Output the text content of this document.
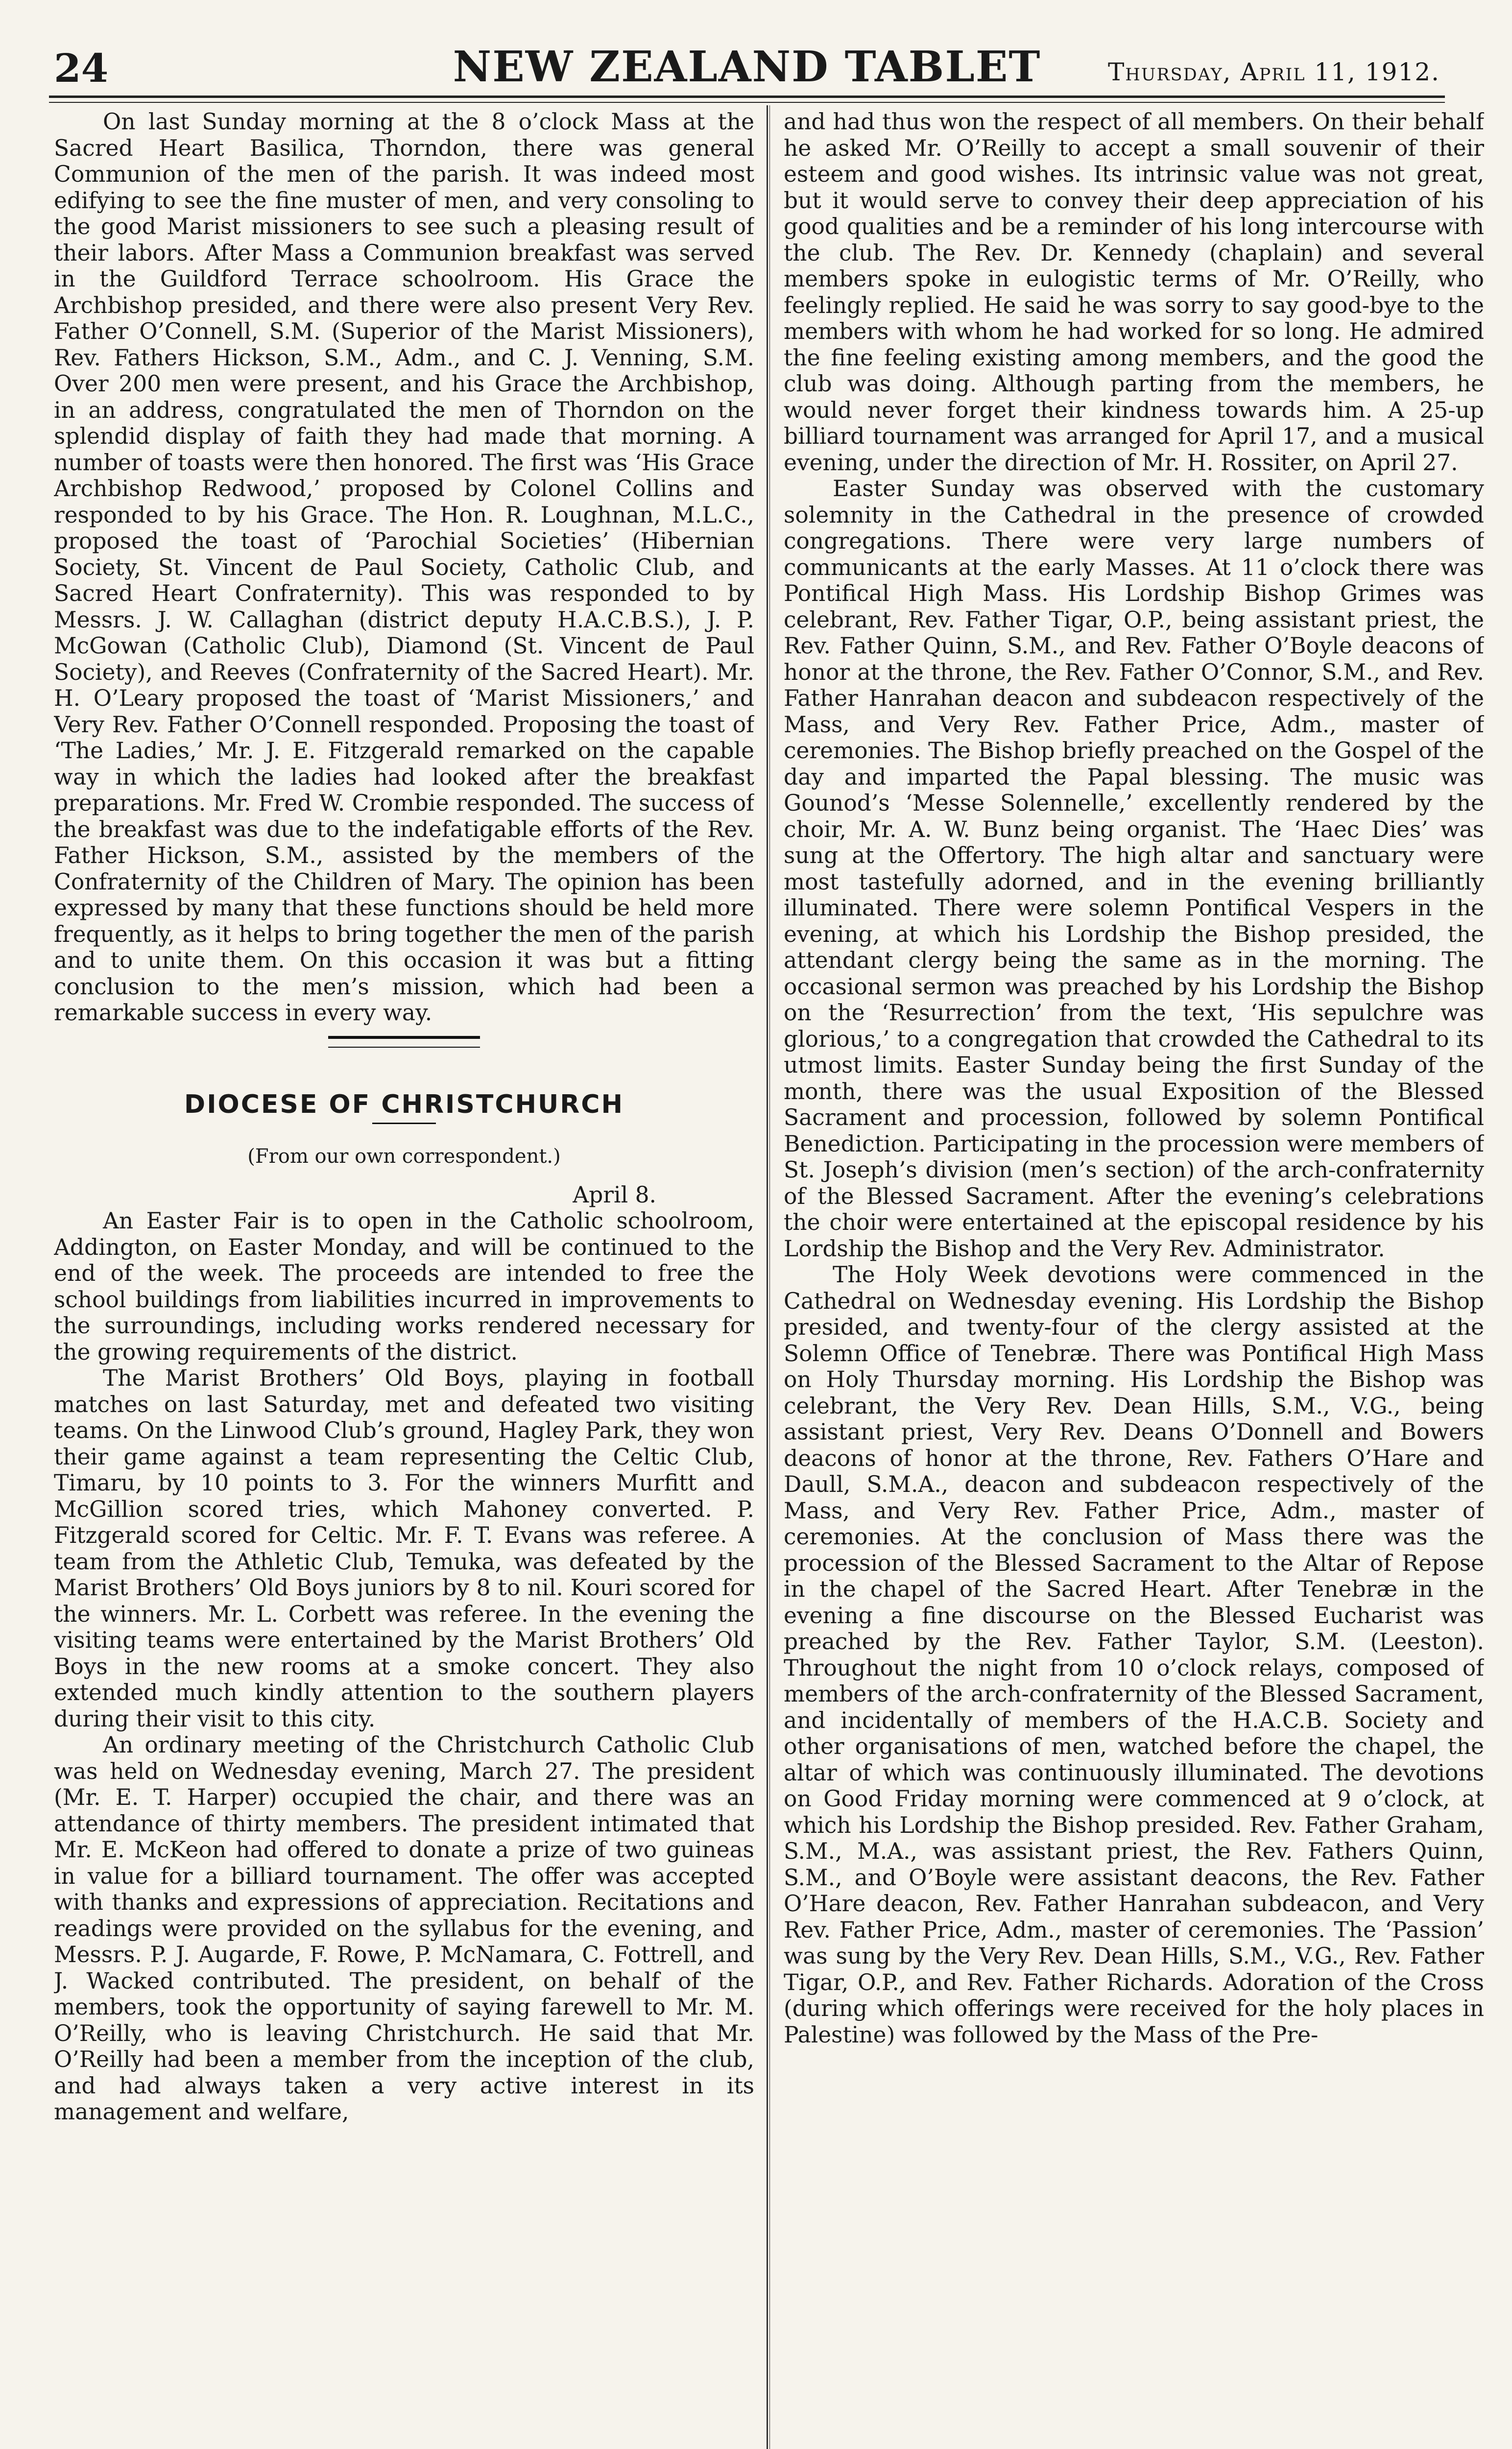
24	NEW ZEALAND TABLET	Thursday, April 11, 1912.

On last Sunday morning at the 8 o’clock Mass at the Sacred Heart Basilica, Thorndon, there was general Communion of the men of the parish. It was indeed most edifying to see the fine muster of men, and very consoling to the good Marist missioners to see such a pleasing result of their labors. After Mass a Communion breakfast was served in the Guildford Terrace schoolroom. His Grace the Archbishop presided, and there were also present Very Rev. Father O’Connell, S.M. (Superior of the Marist Missioners), Rev. Fathers Hickson, S.M., Adm., and C. J. Venning, S.M. Over 200 men were present, and his Grace the Archbishop, in an address, congratulated the men of Thorndon on the splendid display of faith they had made that morning. A number of toasts were then honored. The first was ‘His Grace Archbishop Redwood,’ proposed by Colonel Collins and responded to by his Grace. The Hon. R. Loughnan, M.L.C., proposed the toast of ‘Parochial Societies’ (Hibernian Society, St. Vincent de Paul Society, Catholic Club, and Sacred Heart Confraternity). This was responded to by Messrs. J. W. Callaghan (district deputy H.A.C.B.S.), J. P. McGowan (Catholic Club), Diamond (St. Vincent de Paul Society), and Reeves (Confraternity of the Sacred Heart). Mr. H. O’Leary proposed the toast of ‘Marist Missioners,’ and Very Rev. Father O’Connell responded. Proposing the toast of ‘The Ladies,’ Mr. J. E. Fitzgerald remarked on the capable way in which the ladies had looked after the breakfast preparations. Mr. Fred W. Crombie responded. The success of the breakfast was due to the indefatigable efforts of the Rev. Father Hickson, S.M., assisted by the members of the Confraternity of the Children of Mary. The opinion has been expressed by many that these functions should be held more frequently, as it helps to bring together the men of the parish and to unite them. On this occasion it was but a fitting conclusion to the men’s mission, which had been a remarkable success in every way.

DIOCESE OF CHRISTCHURCH
(From our own correspondent.)

April 8.

An Easter Fair is to open in the Catholic schoolroom, Addington, on Easter Monday, and will be continued to the end of the week. The proceeds are intended to free the school buildings from liabilities incurred in improvements to the surroundings, including works rendered necessary for the growing requirements of the district.

The Marist Brothers’ Old Boys, playing in football matches on last Saturday, met and defeated two visiting teams. On the Linwood Club’s ground, Hagley Park, they won their game against a team representing the Celtic Club, Timaru, by 10 points to 3. For the winners Murfitt and McGillion scored tries, which Mahoney converted. P. Fitzgerald scored for Celtic. Mr. F. T. Evans was referee. A team from the Athletic Club, Temuka, was defeated by the Marist Brothers’ Old Boys juniors by 8 to nil. Kouri scored for the winners. Mr. L. Corbett was referee. In the evening the visiting teams were entertained by the Marist Brothers’ Old Boys in the new rooms at a smoke concert. They also extended much kindly attention to the southern players during their visit to this city.

An ordinary meeting of the Christchurch Catholic Club was held on Wednesday evening, March 27. The president (Mr. E. T. Harper) occupied the chair, and there was an attendance of thirty members. The president intimated that Mr. E. McKeon had offered to donate a prize of two guineas in value for a billiard tournament. The offer was accepted with thanks and expressions of appreciation. Recitations and readings were provided on the syllabus for the evening, and Messrs. P. J. Augarde, F. Rowe, P. McNamara, C. Fottrell, and J. Wacked contributed. The president, on behalf of the members, took the opportunity of saying farewell to Mr. M. O’Reilly, who is leaving Christchurch. He said that Mr. O’Reilly had been a member from the inception of the club, and had always taken a very active interest in its management and welfare,

and had thus won the respect of all members. On their behalf he asked Mr. O’Reilly to accept a small souvenir of their esteem and good wishes. Its intrinsic value was not great, but it would serve to convey their deep appreciation of his good qualities and be a reminder of his long intercourse with the club. The Rev. Dr. Kennedy (chaplain) and several members spoke in eulogistic terms of Mr. O’Reilly, who feelingly replied. He said he was sorry to say good-bye to the members with whom he had worked for so long. He admired the fine feeling existing among members, and the good the club was doing. Although parting from the members, he would never forget their kindness towards him. A 25-up billiard tournament was arranged for April 17, and a musical evening, under the direction of Mr. H. Rossiter, on April 27.

Easter Sunday was observed with the customary solemnity in the Cathedral in the presence of crowded congregations. There were very large numbers of communicants at the early Masses. At 11 o’clock there was Pontifical High Mass. His Lordship Bishop Grimes was celebrant, Rev. Father Tigar, O.P., being assistant priest, the Rev. Father Quinn, S.M., and Rev. Father O’Boyle deacons of honor at the throne, the Rev. Father O’Connor, S.M., and Rev. Father Hanrahan deacon and subdeacon respectively of the Mass, and Very Rev. Father Price, Adm., master of ceremonies. The Bishop briefly preached on the Gospel of the day and imparted the Papal blessing. The music was Gounod’s ‘Messe Solennelle,’ excellently rendered by the choir, Mr. A. W. Bunz being organist. The ‘Haec Dies’ was sung at the Offertory. The high altar and sanctuary were most tastefully adorned, and in the evening brilliantly illuminated. There were solemn Pontifical Vespers in the evening, at which his Lordship the Bishop presided, the attendant clergy being the same as in the morning. The occasional sermon was preached by his Lordship the Bishop on the ‘Resurrection’ from the text, ‘His sepulchre was glorious,’ to a congregation that crowded the Cathedral to its utmost limits. Easter Sunday being the first Sunday of the month, there was the usual Exposition of the Blessed Sacrament and procession, followed by solemn Pontifical Benediction. Participating in the procession were members of St. Joseph’s division (men’s section) of the arch-confraternity of the Blessed Sacrament. After the evening’s celebrations the choir were entertained at the episcopal residence by his Lordship the Bishop and the Very Rev. Administrator.

The Holy Week devotions were commenced in the Cathedral on Wednesday evening. His Lordship the Bishop presided, and twenty-four of the clergy assisted at the Solemn Office of Tenebræ. There was Pontifical High Mass on Holy Thursday morning. His Lordship the Bishop was celebrant, the Very Rev. Dean Hills, S.M., V.G., being assistant priest, Very Rev. Deans O’Donnell and Bowers deacons of honor at the throne, Rev. Fathers O’Hare and Daull, S.M.A., deacon and subdeacon respectively of the Mass, and Very Rev. Father Price, Adm., master of ceremonies. At the conclusion of Mass there was the procession of the Blessed Sacrament to the Altar of Repose in the chapel of the Sacred Heart. After Tenebræ in the evening a fine discourse on the Blessed Eucharist was preached by the Rev. Father Taylor, S.M. (Leeston). Throughout the night from 10 o’clock relays, composed of members of the arch-confraternity of the Blessed Sacrament, and incidentally of members of the H.A.C.B. Society and other organisations of men, watched before the chapel, the altar of which was continuously illuminated. The devotions on Good Friday morning were commenced at 9 o’clock, at which his Lordship the Bishop presided. Rev. Father Graham, S.M., M.A., was assistant priest, the Rev. Fathers Quinn, S.M., and O’Boyle were assistant deacons, the Rev. Father O’Hare deacon, Rev. Father Hanrahan subdeacon, and Very Rev. Father Price, Adm., master of ceremonies. The ‘Passion’ was sung by the Very Rev. Dean Hills, S.M., V.G., Rev. Father Tigar, O.P., and Rev. Father Richards. Adoration of the Cross (during which offerings were received for the holy places in Palestine) was followed by the Mass of the Pre-
